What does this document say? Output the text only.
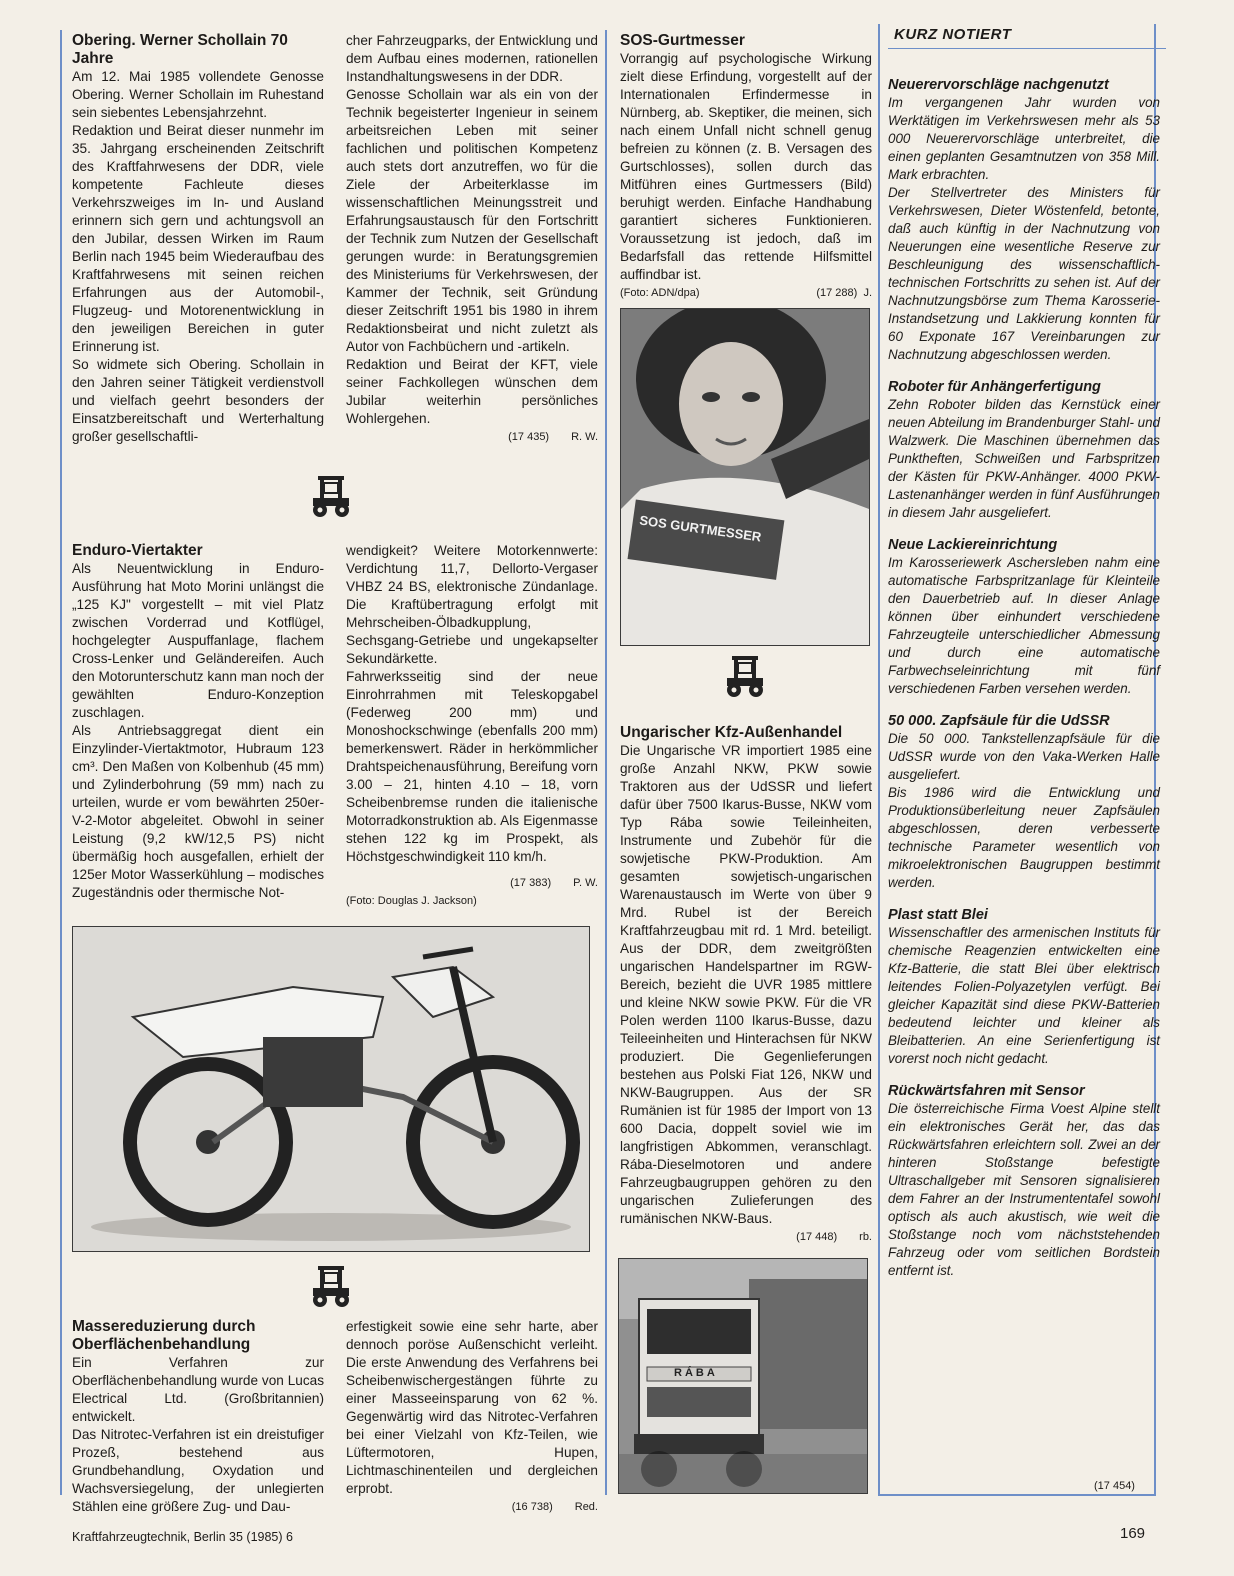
Obering. Werner Schollain 70 Jahre

Am 12. Mai 1985 vollendete Genosse Obering. Werner Schollain im Ruhestand sein siebentes Lebensjahrzehnt.

Redaktion und Beirat dieser nunmehr im 35. Jahrgang erscheinenden Zeitschrift des Kraftfahrwesens der DDR, viele kompetente Fachleute dieses Verkehrszweiges im In- und Ausland erinnern sich gern und achtungsvoll an den Jubilar, dessen Wirken im Raum Berlin nach 1945 beim Wiederaufbau des Kraftfahrwesens mit seinen reichen Erfahrungen aus der Automobil-, Flugzeug- und Motorenentwicklung in den jeweiligen Bereichen in guter Erinnerung ist.

So widmete sich Obering. Schollain in den Jahren seiner Tätigkeit verdienstvoll und vielfach geehrt besonders der Einsatzbereitschaft und Werterhaltung großer gesellschaftli-

cher Fahrzeugparks, der Entwicklung und dem Aufbau eines modernen, rationellen Instandhaltungswesens in der DDR.

Genosse Schollain war als ein von der Technik begeisterter Ingenieur in seinem arbeitsreichen Leben mit seiner fachlichen und politischen Kompetenz auch stets dort anzutreffen, wo für die Ziele der Arbeiterklasse im wissenschaftlichen Meinungsstreit und Erfahrungsaustausch für den Fortschritt der Technik zum Nutzen der Gesellschaft gerungen wurde: in Beratungsgremien des Ministeriums für Verkehrswesen, der Kammer der Technik, seit Gründung dieser Zeitschrift 1951 bis 1980 in ihrem Redaktionsbeirat und nicht zuletzt als Autor von Fachbüchern und -artikeln.

Redaktion und Beirat der KFT, viele seiner Fachkollegen wünschen dem Jubilar weiterhin persönliches Wohlergehen.

(17 435) R. W.
Enduro-Viertakter

Als Neuentwicklung in Enduro-Ausführung hat Moto Morini unlängst die „125 KJ" vorgestellt – mit viel Platz zwischen Vorderrad und Kotflügel, hochgelegter Auspuffanlage, flachem Cross-Lenker und Geländereifen. Auch den Motorunterschutz kann man noch der gewählten Enduro-Konzeption zuschlagen.

Als Antriebsaggregat dient ein Einzylinder-Viertaktmotor, Hubraum 123 cm³. Den Maßen von Kolbenhub (45 mm) und Zylinderbohrung (59 mm) nach zu urteilen, wurde er vom bewährten 250er-V-2-Motor abgeleitet. Obwohl in seiner Leistung (9,2 kW/12,5 PS) nicht übermäßig hoch ausgefallen, erhielt der 125er Motor Wasserkühlung – modisches Zugeständnis oder thermische Not-

wendigkeit? Weitere Motorkennwerte: Verdichtung 11,7, Dellorto-Vergaser VHBZ 24 BS, elektronische Zündanlage. Die Kraftübertragung erfolgt mit Mehrscheiben-Ölbadkupplung, Sechsgang-Getriebe und ungekapselter Sekundärkette.

Fahrwerksseitig sind der neue Einrohrrahmen mit Teleskopgabel (Federweg 200 mm) und Monoshockschwinge (ebenfalls 200 mm) bemerkenswert. Räder in herkömmlicher Drahtspeichenausführung, Bereifung vorn 3.00 – 21, hinten 4.10 – 18, vorn Scheibenbremse runden die italienische Motorradkonstruktion ab. Als Eigenmasse stehen 122 kg im Prospekt, als Höchstgeschwindigkeit 110 km/h.

(17 383) P. W.
(Foto: Douglas J. Jackson)
Massereduzierung durch Oberflächenbehandlung

Ein Verfahren zur Oberflächenbehandlung wurde von Lucas Electrical Ltd. (Großbritannien) entwickelt.

Das Nitrotec-Verfahren ist ein dreistufiger Prozeß, bestehend aus Grundbehandlung, Oxydation und Wachsversiegelung, der unlegierten Stählen eine größere Zug- und Dau-

erfestigkeit sowie eine sehr harte, aber dennoch poröse Außenschicht verleiht. Die erste Anwendung des Verfahrens bei Scheibenwischergestängen führte zu einer Masseeinsparung von 62 %. Gegenwärtig wird das Nitrotec-Verfahren bei einer Vielzahl von Kfz-Teilen, wie Lüftermotoren, Hupen, Lichtmaschinenteilen und dergleichen erprobt.

(16 738) Red.
SOS-Gurtmesser

Vorrangig auf psychologische Wirkung zielt diese Erfindung, vorgestellt auf der Internationalen Erfindermesse in Nürnberg, ab. Skeptiker, die meinen, sich nach einem Unfall nicht schnell genug befreien zu können (z. B. Versagen des Gurtschlosses), sollen durch das Mitführen eines Gurtmessers (Bild) beruhigt werden. Einfache Handhabung garantiert sicheres Funktionieren. Voraussetzung ist jedoch, daß im Bedarfsfall das rettende Hilfsmittel auffindbar ist.

(Foto: ADN/dpa)	(17 288) J.
SOS GURTMESSER
Ungarischer Kfz-Außenhandel

Die Ungarische VR importiert 1985 eine große Anzahl NKW, PKW sowie Traktoren aus der UdSSR und liefert dafür über 7500 Ikarus-Busse, NKW vom Typ Rába sowie Teileinheiten, Instrumente und Zubehör für die sowjetische PKW-Produktion. Am gesamten sowjetisch-ungarischen Warenaustausch im Werte von über 9 Mrd. Rubel ist der Bereich Kraftfahrzeugbau mit rd. 1 Mrd. beteiligt. Aus der DDR, dem zweitgrößten ungarischen Handelspartner im RGW-Bereich, bezieht die UVR 1985 mittlere und kleine NKW sowie PKW. Für die VR Polen werden 1100 Ikarus-Busse, dazu Teileeinheiten und Hinterachsen für NKW produziert. Die Gegenlieferungen bestehen aus Polski Fiat 126, NKW und NKW-Baugruppen. Aus der SR Rumänien ist für 1985 der Import von 13 600 Dacia, doppelt soviel wie im langfristigen Abkommen, veranschlagt. Rába-Dieselmotoren und andere Fahrzeugbaugruppen gehören zu den ungarischen Zulieferungen des rumänischen NKW-Baus.

(17 448) rb.
RÁBA
KURZ NOTIERT
Neuerervorschläge nachgenutzt

Im vergangenen Jahr wurden von Werktätigen im Verkehrswesen mehr als 53 000 Neuerervorschläge unterbreitet, die einen geplanten Gesamtnutzen von 358 Mill. Mark erbrachten.

Der Stellvertreter des Ministers für Verkehrswesen, Dieter Wöstenfeld, betonte, daß auch künftig in der Nachnutzung von Neuerungen eine wesentliche Reserve zur Beschleunigung des wissenschaftlich-technischen Fortschritts zu sehen ist. Auf der Nachnutzungsbörse zum Thema Karosserie-Instandsetzung und Lakkierung konnten für 60 Exponate 167 Vereinbarungen zur Nachnutzung abgeschlossen werden.

Roboter für Anhängerfertigung

Zehn Roboter bilden das Kernstück einer neuen Abteilung im Brandenburger Stahl- und Walzwerk. Die Maschinen übernehmen das Punktheften, Schweißen und Farbspritzen der Kästen für PKW-Anhänger. 4000 PKW-Lastenanhänger werden in fünf Ausführungen in diesem Jahr ausgeliefert.

Neue Lackiereinrichtung

Im Karosseriewerk Aschersleben nahm eine automatische Farbspritzanlage für Kleinteile den Dauerbetrieb auf. In dieser Anlage können über einhundert verschiedene Fahrzeugteile unterschiedlicher Abmessung und durch eine automatische Farbwechseleinrichtung mit fünf verschiedenen Farben versehen werden.

50 000. Zapfsäule für die UdSSR

Die 50 000. Tankstellenzapfsäule für die UdSSR wurde von den Vaka-Werken Halle ausgeliefert.

Bis 1986 wird die Entwicklung und Produktionsüberleitung neuer Zapfsäulen abgeschlossen, deren verbesserte technische Parameter wesentlich von mikroelektronischen Baugruppen bestimmt werden.

Plast statt Blei

Wissenschaftler des armenischen Instituts für chemische Reagenzien entwickelten eine Kfz-Batterie, die statt Blei über elektrisch leitendes Folien-Polyazetylen verfügt. Bei gleicher Kapazität sind diese PKW-Batterien bedeutend leichter und kleiner als Bleibatterien. An eine Serienfertigung ist vorerst noch nicht gedacht.

Rückwärtsfahren mit Sensor

Die österreichische Firma Voest Alpine stellt ein elektronisches Gerät her, das das Rückwärtsfahren erleichtern soll. Zwei an der hinteren Stoßstange befestigte Ultraschallgeber mit Sensoren signalisieren dem Fahrer an der Instrumententafel sowohl optisch als auch akustisch, wie weit die Stoßstange noch vom nächststehenden Fahrzeug oder vom seitlichen Bordstein entfernt ist.

(17 454)
Kraftfahrzeugtechnik, Berlin 35 (1985) 6	169
